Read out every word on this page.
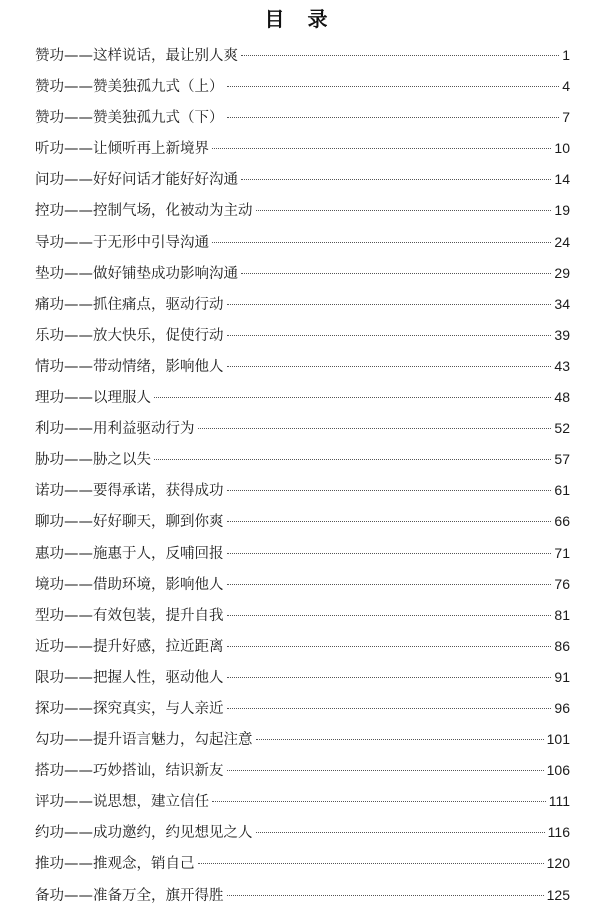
目 录
赞功——这样说话，最让别人爽	1
赞功——赞美独孤九式（上）	4
赞功——赞美独孤九式（下）	7
听功——让倾听再上新境界	10
问功——好好问话才能好好沟通	14
控功——控制气场，化被动为主动	19
导功——于无形中引导沟通	24
垫功——做好铺垫成功影响沟通	29
痛功——抓住痛点，驱动行动	34
乐功——放大快乐，促使行动	39
情功——带动情绪，影响他人	43
理功——以理服人	48
利功——用利益驱动行为	52
胁功——胁之以失	57
诺功——要得承诺，获得成功	61
聊功——好好聊天，聊到你爽	66
惠功——施惠于人，反哺回报	71
境功——借助环境，影响他人	76
型功——有效包装，提升自我	81
近功——提升好感，拉近距离	86
限功——把握人性，驱动他人	91
探功——探究真实，与人亲近	96
勾功——提升语言魅力，勾起注意	101
搭功——巧妙搭讪，结识新友	106
评功——说思想，建立信任	111
约功——成功邀约，约见想见之人	116
推功——推观念，销自己	120
备功——准备万全，旗开得胜	125
